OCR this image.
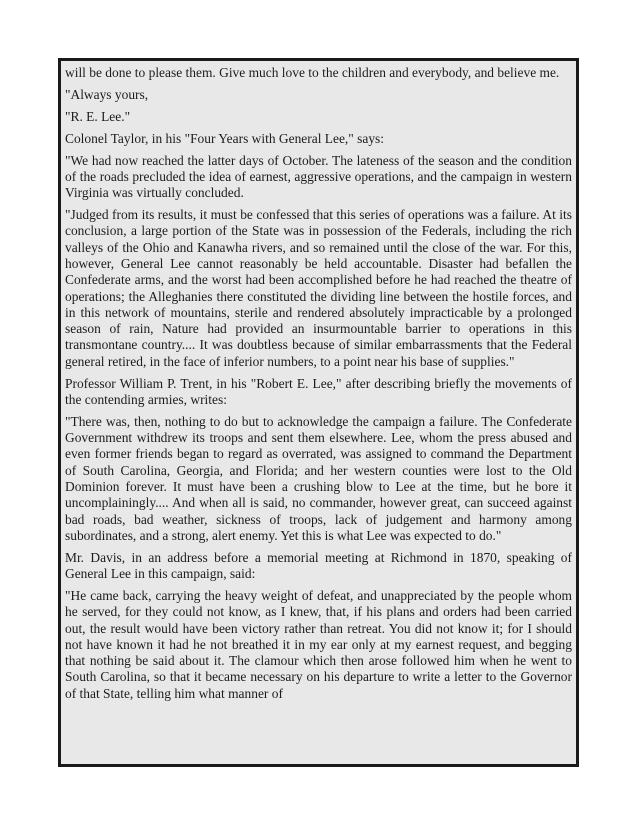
will be done to please them. Give much love to the children and everybody, and believe me.

"Always yours,

"R. E. Lee."

Colonel Taylor, in his "Four Years with General Lee," says:

"We had now reached the latter days of October. The lateness of the season and the condition of the roads precluded the idea of earnest, aggressive operations, and the campaign in western Virginia was virtually concluded.

"Judged from its results, it must be confessed that this series of operations was a failure. At its conclusion, a large portion of the State was in possession of the Federals, including the rich valleys of the Ohio and Kanawha rivers, and so remained until the close of the war. For this, however, General Lee cannot reasonably be held accountable. Disaster had befallen the Confederate arms, and the worst had been accomplished before he had reached the theatre of operations; the Alleghanies there constituted the dividing line between the hostile forces, and in this network of mountains, sterile and rendered absolutely impracticable by a prolonged season of rain, Nature had provided an insurmountable barrier to operations in this transmontane country.... It was doubtless because of similar embarrassments that the Federal general retired, in the face of inferior numbers, to a point near his base of supplies."

Professor William P. Trent, in his "Robert E. Lee," after describing briefly the movements of the contending armies, writes:

"There was, then, nothing to do but to acknowledge the campaign a failure. The Confederate Government withdrew its troops and sent them elsewhere. Lee, whom the press abused and even former friends began to regard as overrated, was assigned to command the Department of South Carolina, Georgia, and Florida; and her western counties were lost to the Old Dominion forever. It must have been a crushing blow to Lee at the time, but he bore it uncomplainingly.... And when all is said, no commander, however great, can succeed against bad roads, bad weather, sickness of troops, lack of judgement and harmony among subordinates, and a strong, alert enemy. Yet this is what Lee was expected to do."

Mr. Davis, in an address before a memorial meeting at Richmond in 1870, speaking of General Lee in this campaign, said:

"He came back, carrying the heavy weight of defeat, and unappreciated by the people whom he served, for they could not know, as I knew, that, if his plans and orders had been carried out, the result would have been victory rather than retreat. You did not know it; for I should not have known it had he not breathed it in my ear only at my earnest request, and begging that nothing be said about it. The clamour which then arose followed him when he went to South Carolina, so that it became necessary on his departure to write a letter to the Governor of that State, telling him what manner of
